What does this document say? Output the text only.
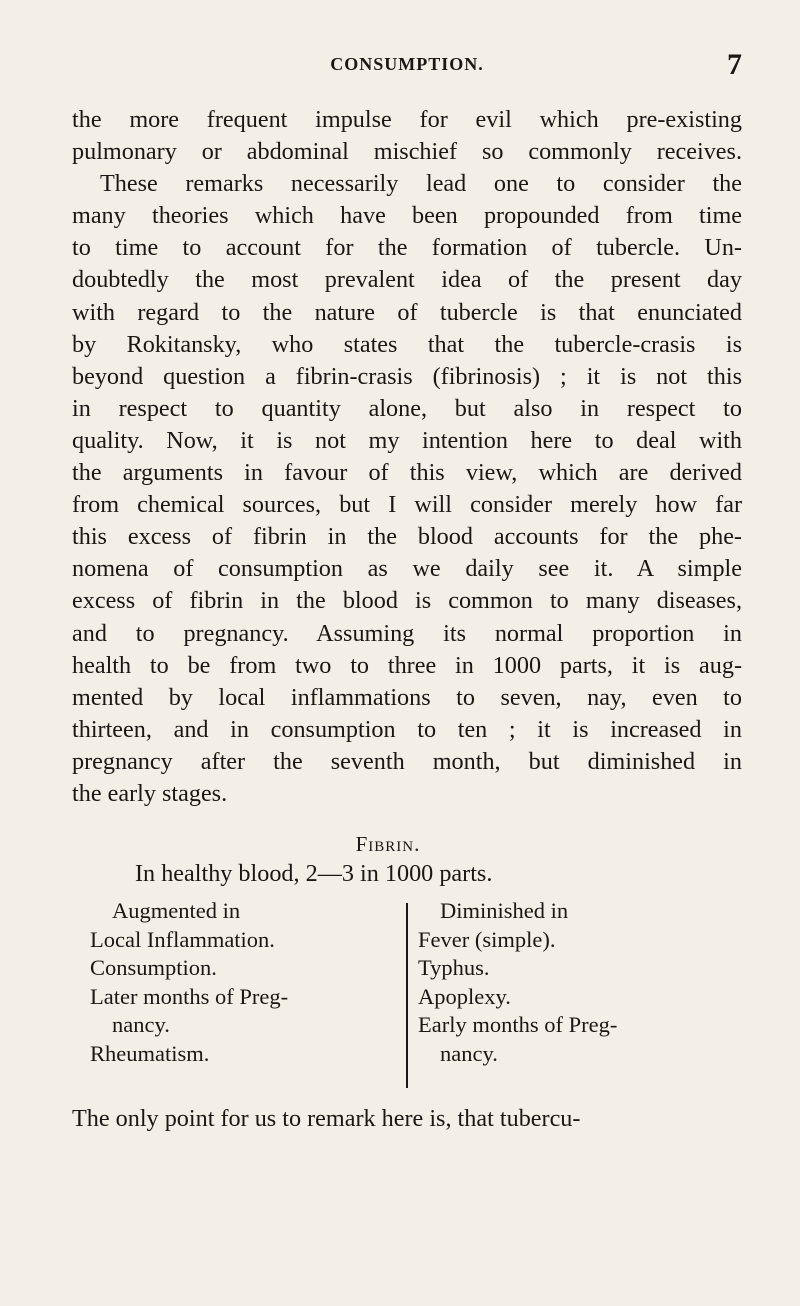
CONSUMPTION.	7
the more frequent impulse for evil which pre-existing
pulmonary or abdominal mischief so commonly receives.
These remarks necessarily lead one to consider the
many theories which have been propounded from time
to time to account for the formation of tubercle. Un-
doubtedly the most prevalent idea of the present day
with regard to the nature of tubercle is that enunciated
by Rokitansky, who states that the tubercle-crasis is
beyond question a fibrin-crasis (fibrinosis) ; it is not this
in respect to quantity alone, but also in respect to
quality. Now, it is not my intention here to deal with
the arguments in favour of this view, which are derived
from chemical sources, but I will consider merely how far
this excess of fibrin in the blood accounts for the phe-
nomena of consumption as we daily see it. A simple
excess of fibrin in the blood is common to many diseases,
and to pregnancy. Assuming its normal proportion in
health to be from two to three in 1000 parts, it is aug-
mented by local inflammations to seven, nay, even to
thirteen, and in consumption to ten ; it is increased in
pregnancy after the seventh month, but diminished in
the early stages.
Fibrin.
In healthy blood, 2—3 in 1000 parts.
Augmented in
Local Inflammation.
Consumption.
Later months of Preg-
nancy.
Rheumatism.
Diminished in
Fever (simple).
Typhus.
Apoplexy.
Early months of Preg-
nancy.
The only point for us to remark here is, that tubercu-
